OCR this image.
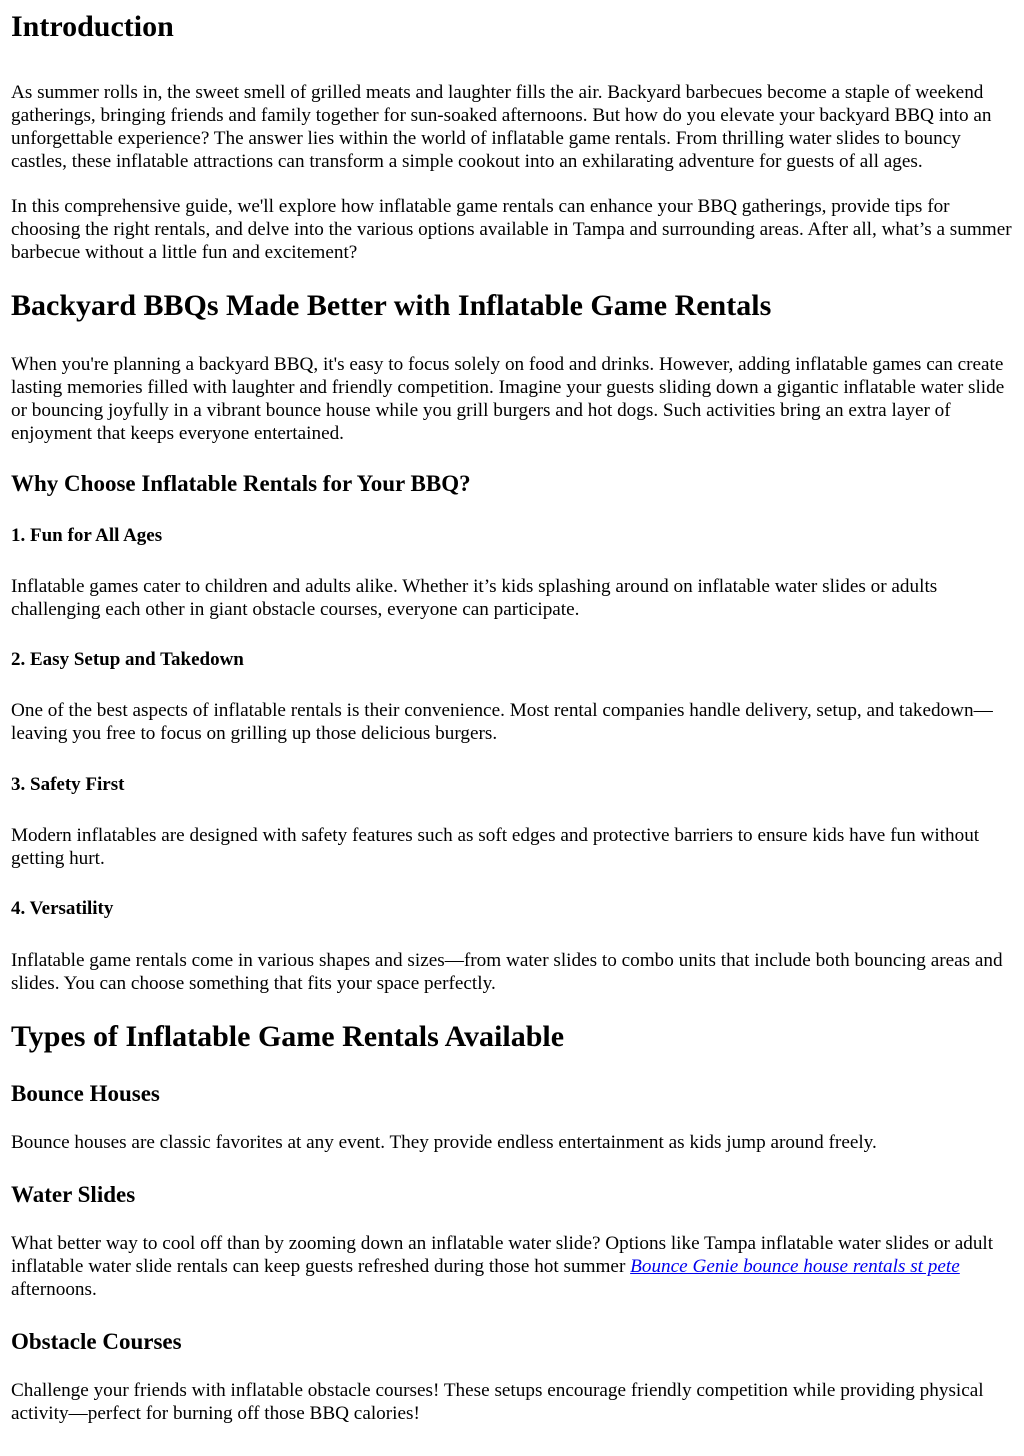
Introduction

As summer rolls in, the sweet smell of grilled meats and laughter fills the air. Backyard barbecues become a staple of weekend gatherings, bringing friends and family together for sun-soaked afternoons. But how do you elevate your backyard BBQ into an unforgettable experience? The answer lies within the world of inflatable game rentals. From thrilling water slides to bouncy castles, these inflatable attractions can transform a simple cookout into an exhilarating adventure for guests of all ages.

In this comprehensive guide, we'll explore how inflatable game rentals can enhance your BBQ gatherings, provide tips for choosing the right rentals, and delve into the various options available in Tampa and surrounding areas. After all, what’s a summer barbecue without a little fun and excitement?

Backyard BBQs Made Better with Inflatable Game Rentals

When you're planning a backyard BBQ, it's easy to focus solely on food and drinks. However, adding inflatable games can create lasting memories filled with laughter and friendly competition. Imagine your guests sliding down a gigantic inflatable water slide or bouncing joyfully in a vibrant bounce house while you grill burgers and hot dogs. Such activities bring an extra layer of enjoyment that keeps everyone entertained.

Why Choose Inflatable Rentals for Your BBQ?
1. Fun for All Ages

Inflatable games cater to children and adults alike. Whether it’s kids splashing around on inflatable water slides or adults challenging each other in giant obstacle courses, everyone can participate.

2. Easy Setup and Takedown

One of the best aspects of inflatable rentals is their convenience. Most rental companies handle delivery, setup, and takedown—leaving you free to focus on grilling up those delicious burgers.

3. Safety First

Modern inflatables are designed with safety features such as soft edges and protective barriers to ensure kids have fun without getting hurt.

4. Versatility

Inflatable game rentals come in various shapes and sizes—from water slides to combo units that include both bouncing areas and slides. You can choose something that fits your space perfectly.

Types of Inflatable Game Rentals Available
Bounce Houses

Bounce houses are classic favorites at any event. They provide endless entertainment as kids jump around freely.

Water Slides

What better way to cool off than by zooming down an inflatable water slide? Options like Tampa inflatable water slides or adult inflatable water slide rentals can keep guests refreshed during those hot summer Bounce Genie bounce house rentals st pete afternoons.

Obstacle Courses

Challenge your friends with inflatable obstacle courses! These setups encourage friendly competition while providing physical activity—perfect for burning off those BBQ calories!
